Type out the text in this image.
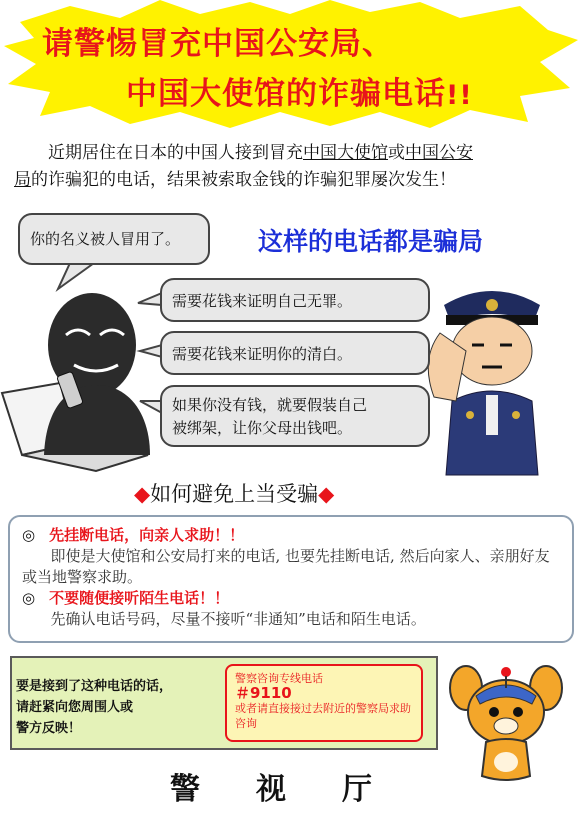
请警惕冒充中国公安局、
中国大使馆的诈骗电话!!
  近期居住在日本的中国人接到冒充中国大使馆或中国公安
局的诈骗犯的电话，结果被索取金钱的诈骗犯罪屡次发生！
你的名义被人冒用了。
需要花钱来证明自己无罪。
需要花钱来证明你的清白。
如果你没有钱，就要假装自己
被绑架，让你父母出钱吧。
这样的电话都是骗局
◆如何避免上当受骗◆
◎ 先挂断电话，向亲人求助！！
即使是大使馆和公安局打来的电话, 也要先挂断电话, 然后向家人、亲朋好友或当地警察求助。
◎ 不要随便接听陌生电话！！
先确认电话号码，尽量不接听“非通知”电话和陌生电话。
要是接到了这种电话的话，
请赶紧向您周围人或
警方反映！
警察咨询专线电话
＃9110
或者请直接接过去附近的警察局求助咨询
警视厅
